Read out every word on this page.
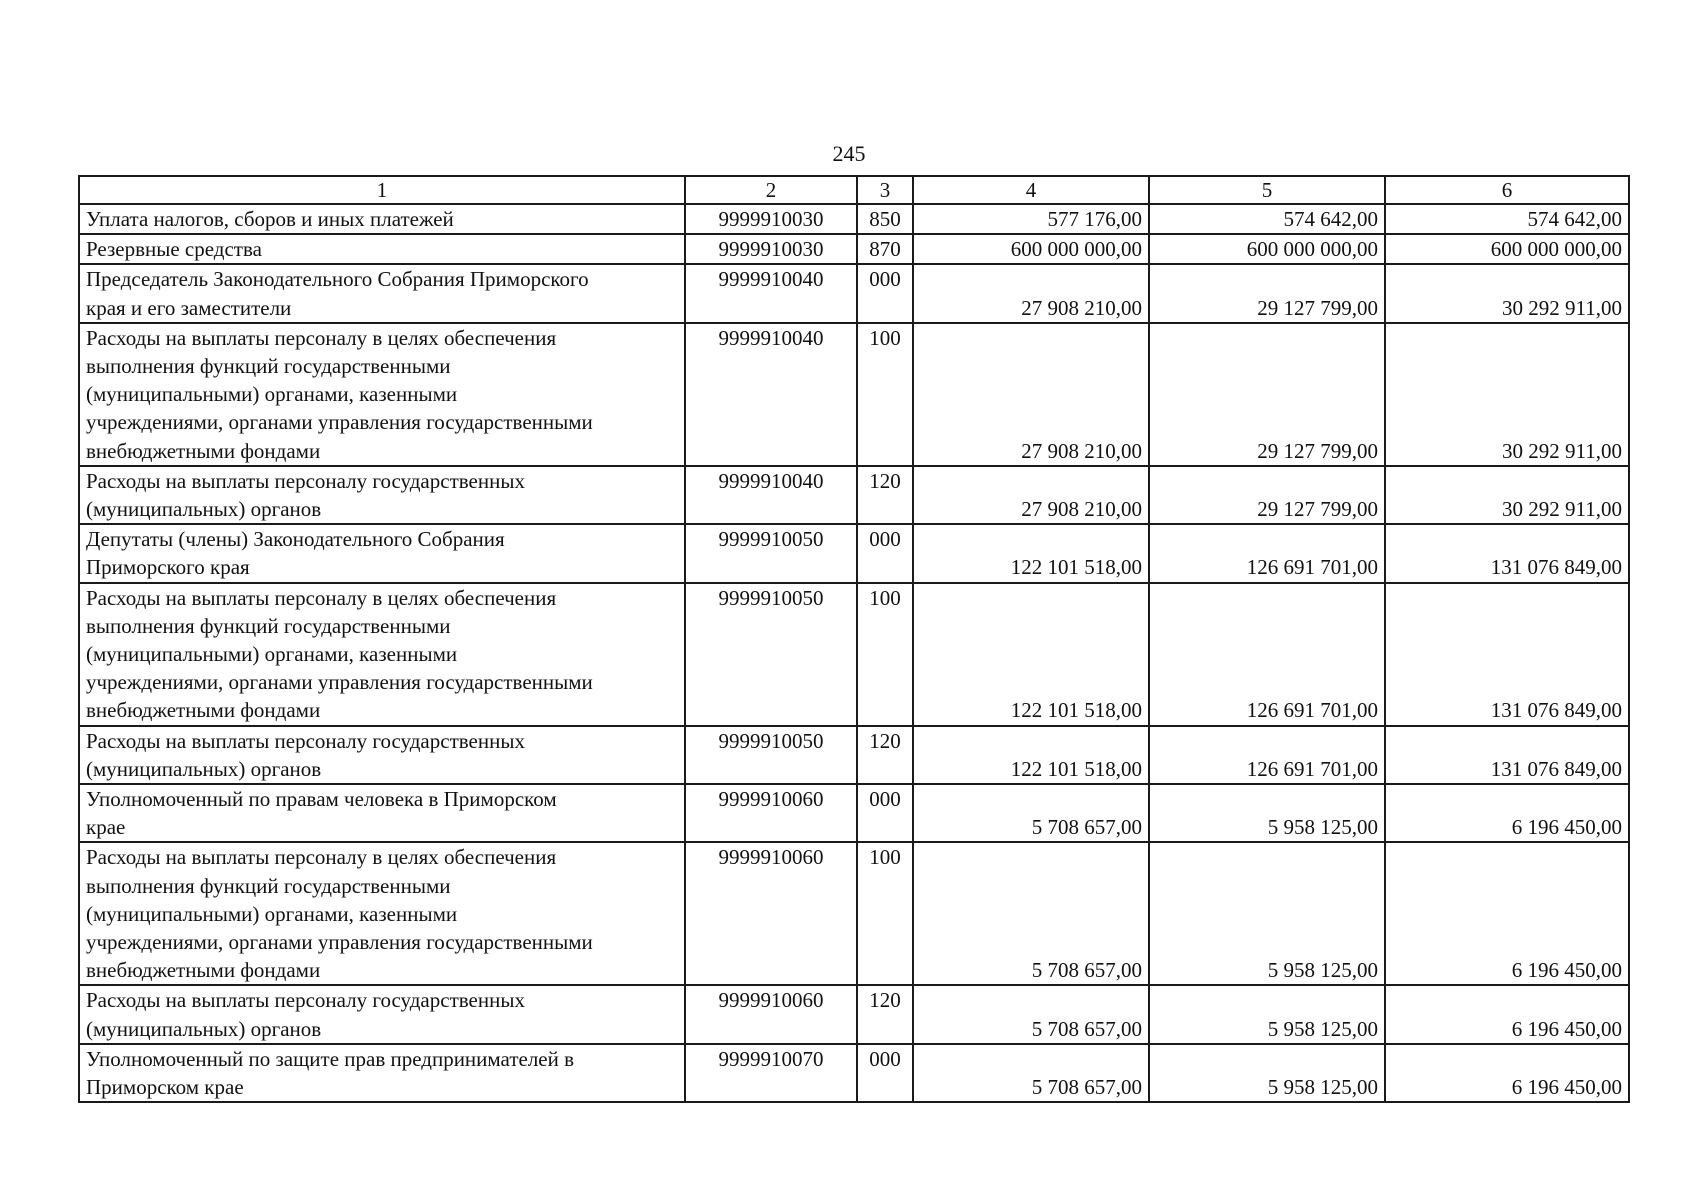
245
1	2	3	4	5	6
Уплата налогов, сборов и иных платежей	9999910030	850	577 176,00	574 642,00	574 642,00
Резервные средства	9999910030	870	600 000 000,00	600 000 000,00	600 000 000,00
Председатель Законодательного Собрания Приморского
края и его заместители	9999910040	000	27 908 210,00	29 127 799,00	30 292 911,00
Расходы на выплаты персоналу в целях обеспечения
выполнения функций государственными
(муниципальными) органами, казенными
учреждениями, органами управления государственными
внебюджетными фондами	9999910040	100	27 908 210,00	29 127 799,00	30 292 911,00
Расходы на выплаты персоналу государственных
(муниципальных) органов	9999910040	120	27 908 210,00	29 127 799,00	30 292 911,00
Депутаты (члены) Законодательного Собрания
Приморского края	9999910050	000	122 101 518,00	126 691 701,00	131 076 849,00
Расходы на выплаты персоналу в целях обеспечения
выполнения функций государственными
(муниципальными) органами, казенными
учреждениями, органами управления государственными
внебюджетными фондами	9999910050	100	122 101 518,00	126 691 701,00	131 076 849,00
Расходы на выплаты персоналу государственных
(муниципальных) органов	9999910050	120	122 101 518,00	126 691 701,00	131 076 849,00
Уполномоченный по правам человека в Приморском
крае	9999910060	000	5 708 657,00	5 958 125,00	6 196 450,00
Расходы на выплаты персоналу в целях обеспечения
выполнения функций государственными
(муниципальными) органами, казенными
учреждениями, органами управления государственными
внебюджетными фондами	9999910060	100	5 708 657,00	5 958 125,00	6 196 450,00
Расходы на выплаты персоналу государственных
(муниципальных) органов	9999910060	120	5 708 657,00	5 958 125,00	6 196 450,00
Уполномоченный по защите прав предпринимателей в
Приморском крае	9999910070	000	5 708 657,00	5 958 125,00	6 196 450,00
